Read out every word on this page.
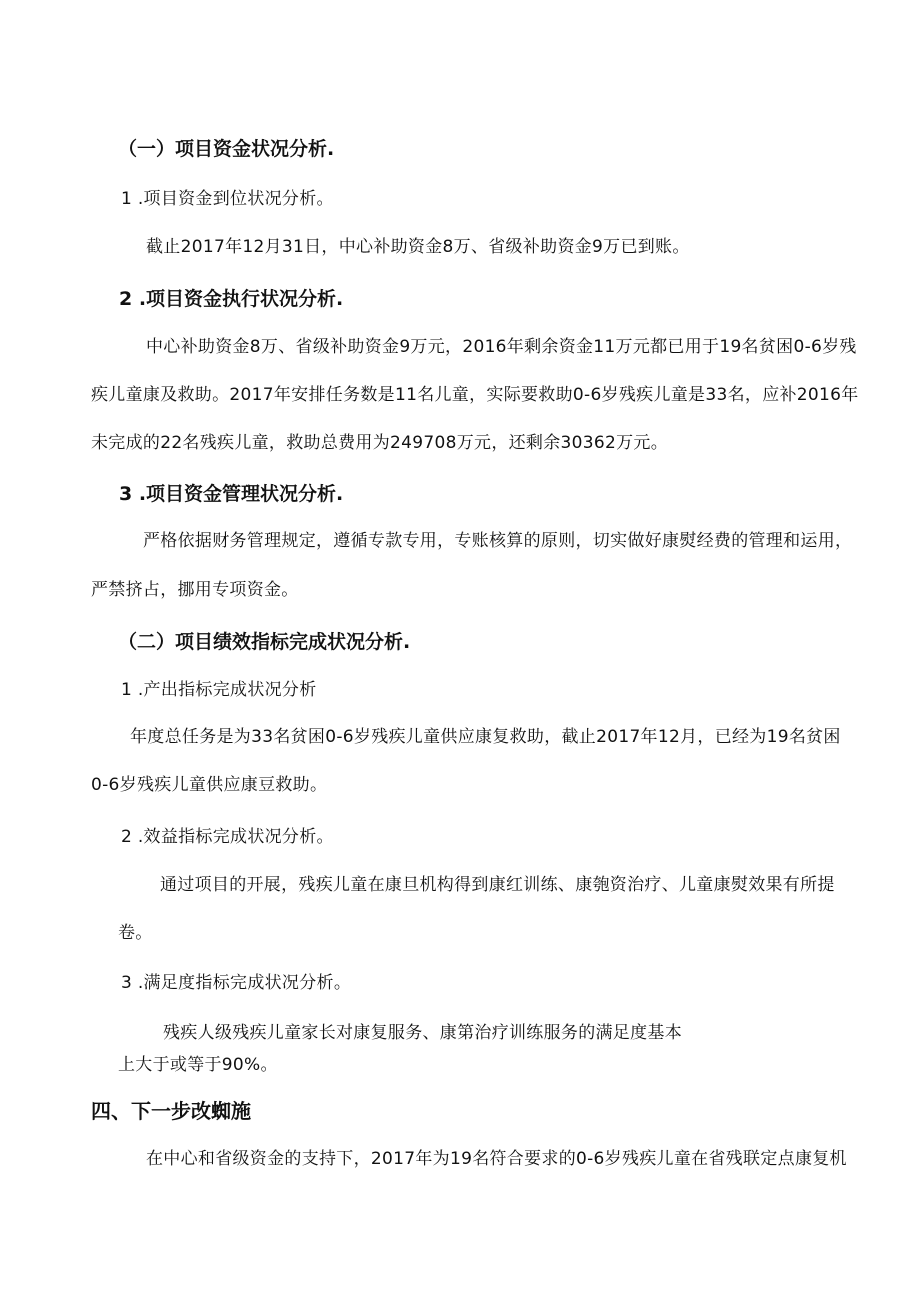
（一）项目资金状况分析.
1 .项目资金到位状况分析。
截止2017年12月31日，中心补助资金8万、省级补助资金9万已到账。
2 .项目资金执行状况分析.
中心补助资金8万、省级补助资金9万元，2016年剩余资金11万元都已用于19名贫困0-6岁残
疾儿童康及救助。2017年安排任务数是11名儿童，实际要救助0-6岁残疾儿童是33名，应补2016年
未完成的22名残疾儿童，救助总费用为249708万元，还剩余30362万元。
3 .项目资金管理状况分析.
严格依据财务管理规定，遵循专款专用，专账核算的原则，切实做好康熨经费的管理和运用，
严禁挤占，挪用专项资金。
（二）项目绩效指标完成状况分析.
1 .产出指标完成状况分析
年度总任务是为33名贫困0-6岁残疾儿童供应康复救助，截止2017年12月，已经为19名贫困
0-6岁残疾儿童供应康豆救助。
2 .效益指标完成状况分析。
通过项目的开展，残疾儿童在康旦机构得到康红训练、康匏资治疗、儿童康熨效果有所提
卷。
3 .满足度指标完成状况分析。
残疾人级残疾儿童家长对康复服务、康第治疗训练服务的满足度基本
上大于或等于90%。
四、下一步改蜘施
在中心和省级资金的支持下，2017年为19名符合要求的0-6岁残疾儿童在省残联定点康复机
